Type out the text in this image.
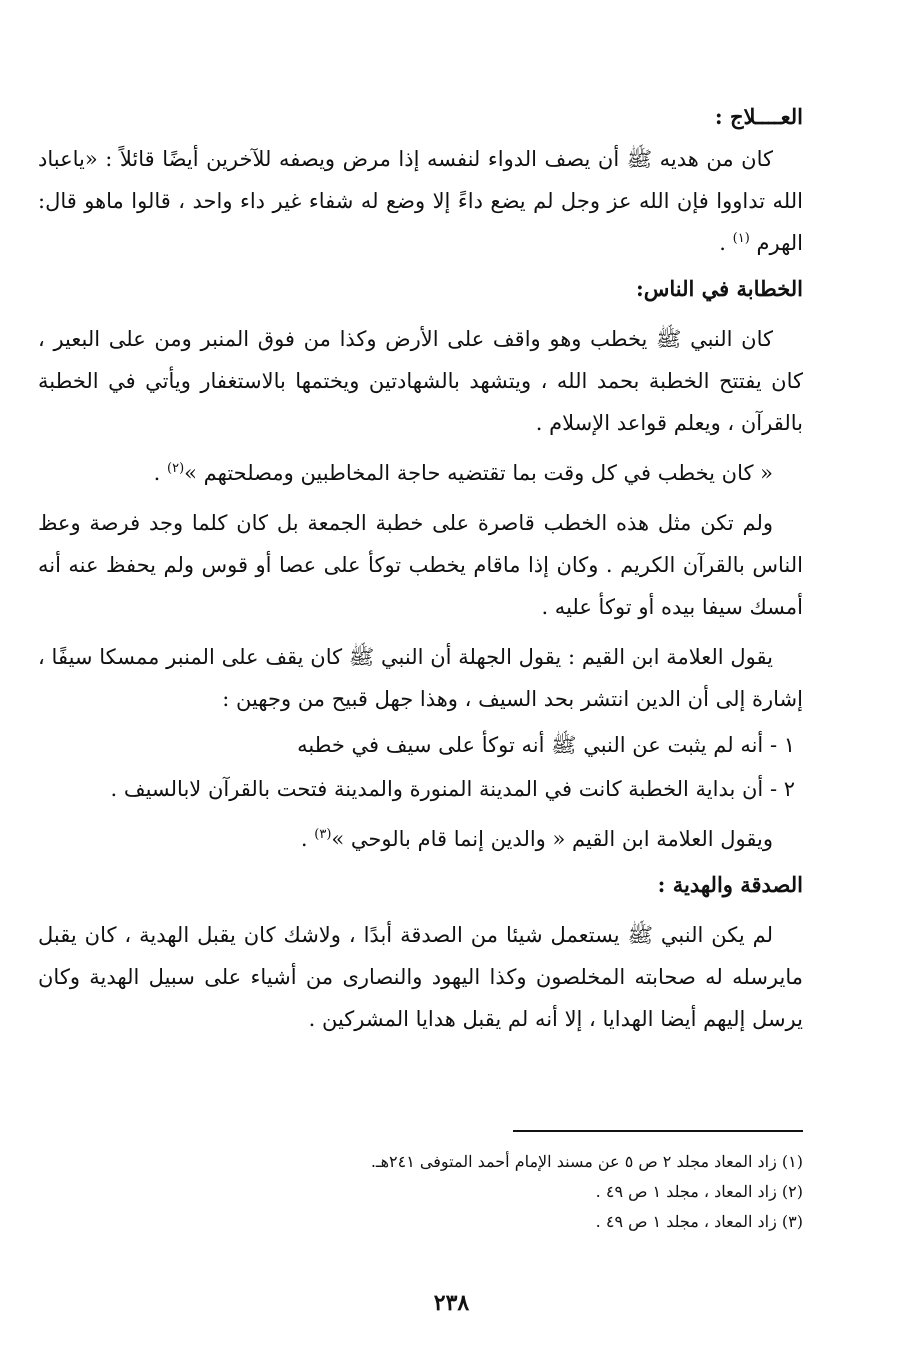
العــــلاج :

كان من هديه ﷺ أن يصف الدواء لنفسه إذا مرض ويصفه للآخرين أيضًا قائلاً : «ياعباد الله تداووا فإن الله عز وجل لم يضع داءً إلا وضع له شفاء غير داء واحد ، قالوا ماهو قال: الهرم $^{(١)}$ .

الخطابة في الناس:

كان النبي ﷺ يخطب وهو واقف على الأرض وكذا من فوق المنبر ومن على البعير ، كان يفتتح الخطبة بحمد الله ، ويتشهد بالشهادتين ويختمها بالاستغفار ويأتي في الخطبة بالقرآن ، ويعلم قواعد الإسلام .

« كان يخطب في كل وقت بما تقتضيه حاجة المخاطبين ومصلحتهم »$^{(٢)}$ .

ولم تكن مثل هذه الخطب قاصرة على خطبة الجمعة بل كان كلما وجد فرصة وعظ الناس بالقرآن الكريم . وكان إذا ماقام يخطب توكأ على عصا أو قوس ولم يحفظ عنه أنه أمسك سيفا بيده أو توكأ عليه .

يقول العلامة ابن القيم : يقول الجهلة أن النبي ﷺ كان يقف على المنبر ممسكا سيفًا ، إشارة إلى أن الدين انتشر بحد السيف ، وهذا جهل قبيح من وجهين :

١ - أنه لم يثبت عن النبي ﷺ أنه توكأ على سيف في خطبه

٢ - أن بداية الخطبة كانت في المدينة المنورة والمدينة فتحت بالقرآن لابالسيف .

ويقول العلامة ابن القيم « والدين إنما قام بالوحي »$^{(٣)}$ .

الصدقة والهدية :

لم يكن النبي ﷺ يستعمل شيئا من الصدقة أبدًا ، ولاشك كان يقبل الهدية ، كان يقبل مايرسله له صحابته المخلصون وكذا اليهود والنصارى من أشياء على سبيل الهدية وكان يرسل إليهم أيضا الهدايا ، إلا أنه لم يقبل هدايا المشركين .

(١) زاد المعاد مجلد ٢ ص ٥ عن مسند الإمام أحمد المتوفى ٢٤١هـ.
(٢) زاد المعاد ، مجلد ١ ص ٤٩ .
(٣) زاد المعاد ، مجلد ١ ص ٤٩ .
٢٣٨
